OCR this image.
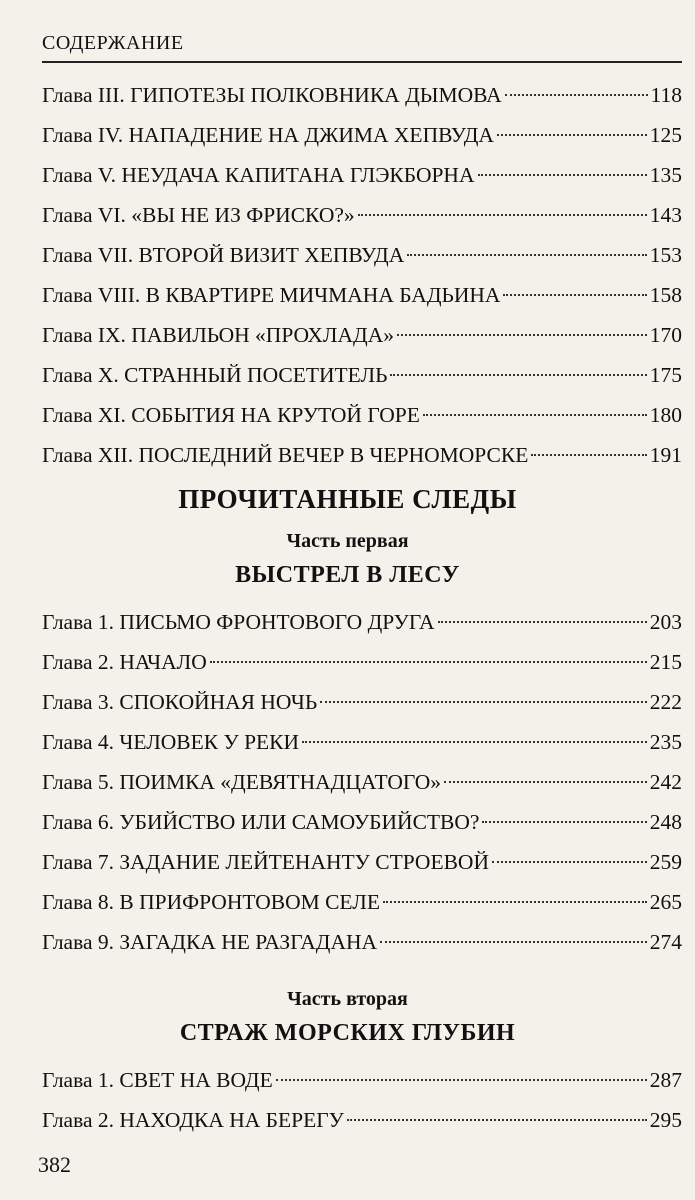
СОДЕРЖАНИЕ
Глава III. ГИПОТЕЗЫ ПОЛКОВНИКА ДЫМОВА	118
Глава IV. НАПАДЕНИЕ НА ДЖИМА ХЕПВУДА	125
Глава V. НЕУДАЧА КАПИТАНА ГЛЭКБОРНА	135
Глава VI. «ВЫ НЕ ИЗ ФРИСКО?»	143
Глава VII. ВТОРОЙ ВИЗИТ ХЕПВУДА	153
Глава VIII. В КВАРТИРЕ МИЧМАНА БАДЬИНА	158
Глава IX. ПАВИЛЬОН «ПРОХЛАДА»	170
Глава X. СТРАННЫЙ ПОСЕТИТЕЛЬ	175
Глава XI. СОБЫТИЯ НА КРУТОЙ ГОРЕ	180
Глава XII. ПОСЛЕДНИЙ ВЕЧЕР В ЧЕРНОМОРСКЕ	191
ПРОЧИТАННЫЕ СЛЕДЫ
Часть первая
ВЫСТРЕЛ В ЛЕСУ
Глава 1. ПИСЬМО ФРОНТОВОГО ДРУГА	203
Глава 2. НАЧАЛО	215
Глава 3. СПОКОЙНАЯ НОЧЬ	222
Глава 4. ЧЕЛОВЕК У РЕКИ	235
Глава 5. ПОИМКА «ДЕВЯТНАДЦАТОГО»	242
Глава 6. УБИЙСТВО ИЛИ САМОУБИЙСТВО?	248
Глава 7. ЗАДАНИЕ ЛЕЙТЕНАНТУ СТРОЕВОЙ	259
Глава 8. В ПРИФРОНТОВОМ СЕЛЕ	265
Глава 9. ЗАГАДКА НЕ РАЗГАДАНА	274
Часть вторая
СТРАЖ МОРСКИХ ГЛУБИН
Глава 1. СВЕТ НА ВОДЕ	287
Глава 2. НАХОДКА НА БЕРЕГУ	295
382
